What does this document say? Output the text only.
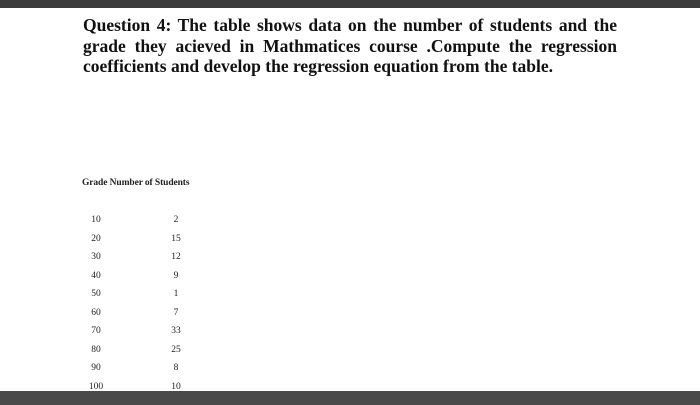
Question 4: The table shows data on the number of students and the grade they acieved in Mathmatices course .Compute the regression coefficients and develop the regression equation from the table.

Grade Number of Students
10
20
30
40
50
60
70
80
90
100
2
15
12
9
1
7
33
25
8
10
